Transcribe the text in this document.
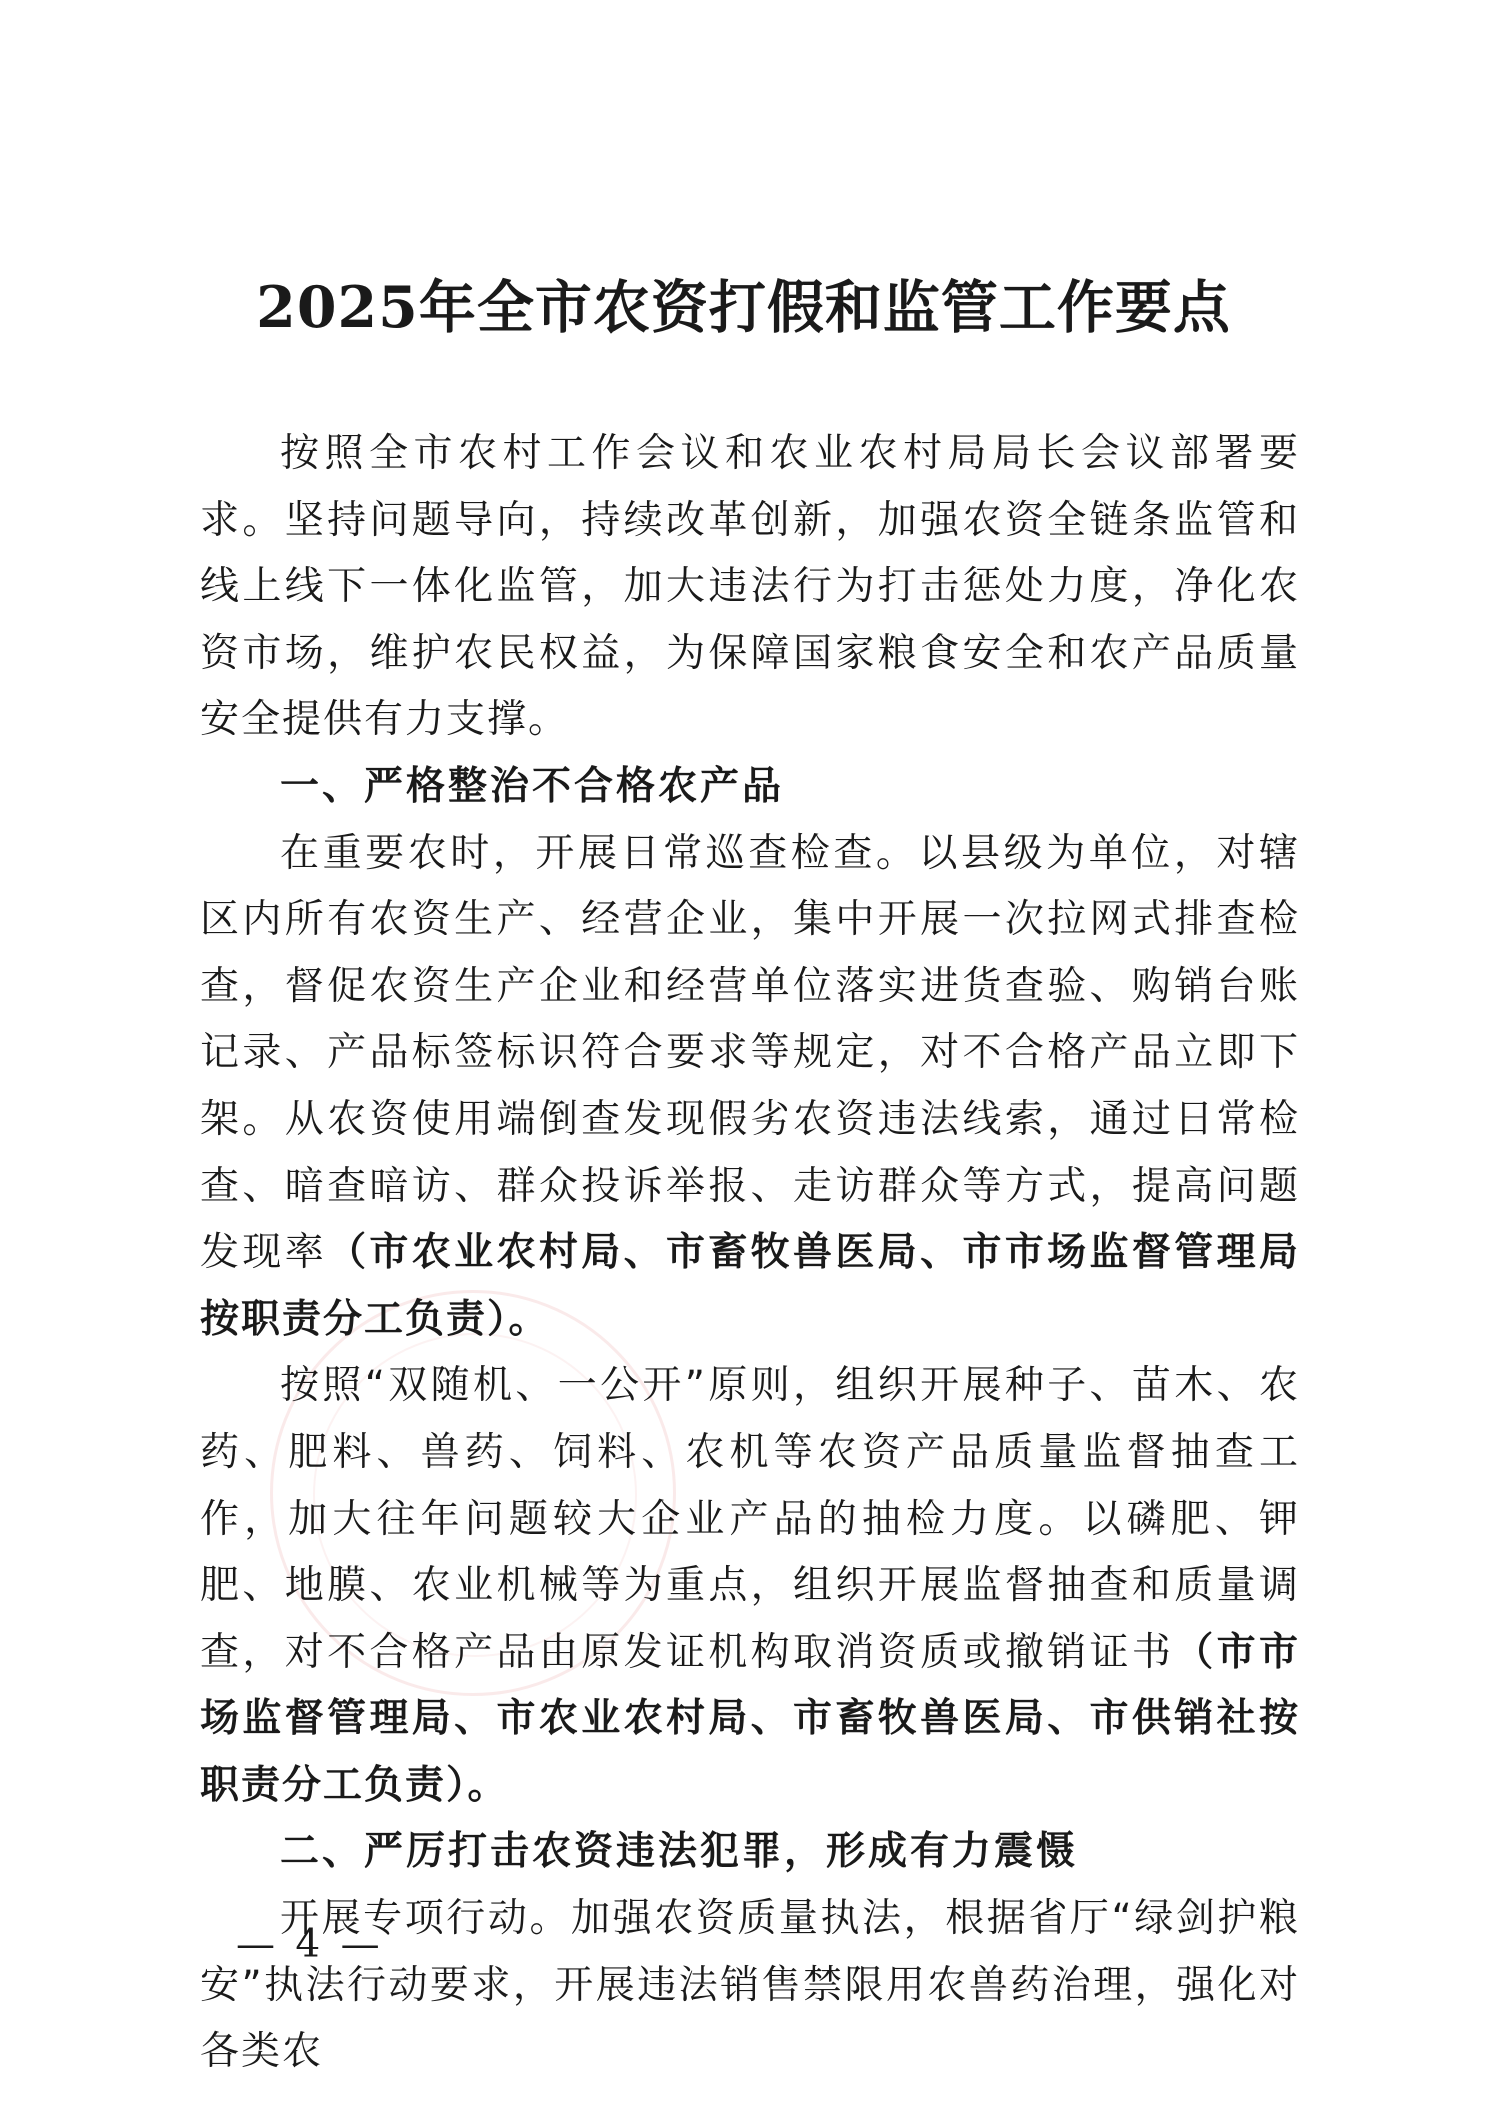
2025年全市农资打假和监管工作要点

按照全市农村工作会议和农业农村局局长会议部署要求。坚持问题导向，持续改革创新，加强农资全链条监管和线上线下一体化监管，加大违法行为打击惩处力度，净化农资市场，维护农民权益，为保障国家粮食安全和农产品质量安全提供有力支撑。

一、严格整治不合格农产品

在重要农时，开展日常巡查检查。以县级为单位，对辖区内所有农资生产、经营企业，集中开展一次拉网式排查检查，督促农资生产企业和经营单位落实进货查验、购销台账记录、产品标签标识符合要求等规定，对不合格产品立即下架。从农资使用端倒查发现假劣农资违法线索，通过日常检查、暗查暗访、群众投诉举报、走访群众等方式，提高问题发现率（市农业农村局、市畜牧兽医局、市市场监督管理局按职责分工负责）。

按照“双随机、一公开”原则，组织开展种子、苗木、农药、肥料、兽药、饲料、农机等农资产品质量监督抽查工作，加大往年问题较大企业产品的抽检力度。以磷肥、钾肥、地膜、农业机械等为重点，组织开展监督抽查和质量调查，对不合格产品由原发证机构取消资质或撤销证书（市市场监督管理局、市农业农村局、市畜牧兽医局、市供销社按职责分工负责）。

二、严厉打击农资违法犯罪，形成有力震慑

开展专项行动。加强农资质量执法，根据省厅“绿剑护粮安”执法行动要求，开展违法销售禁限用农兽药治理，强化对各类农

— 4 —
